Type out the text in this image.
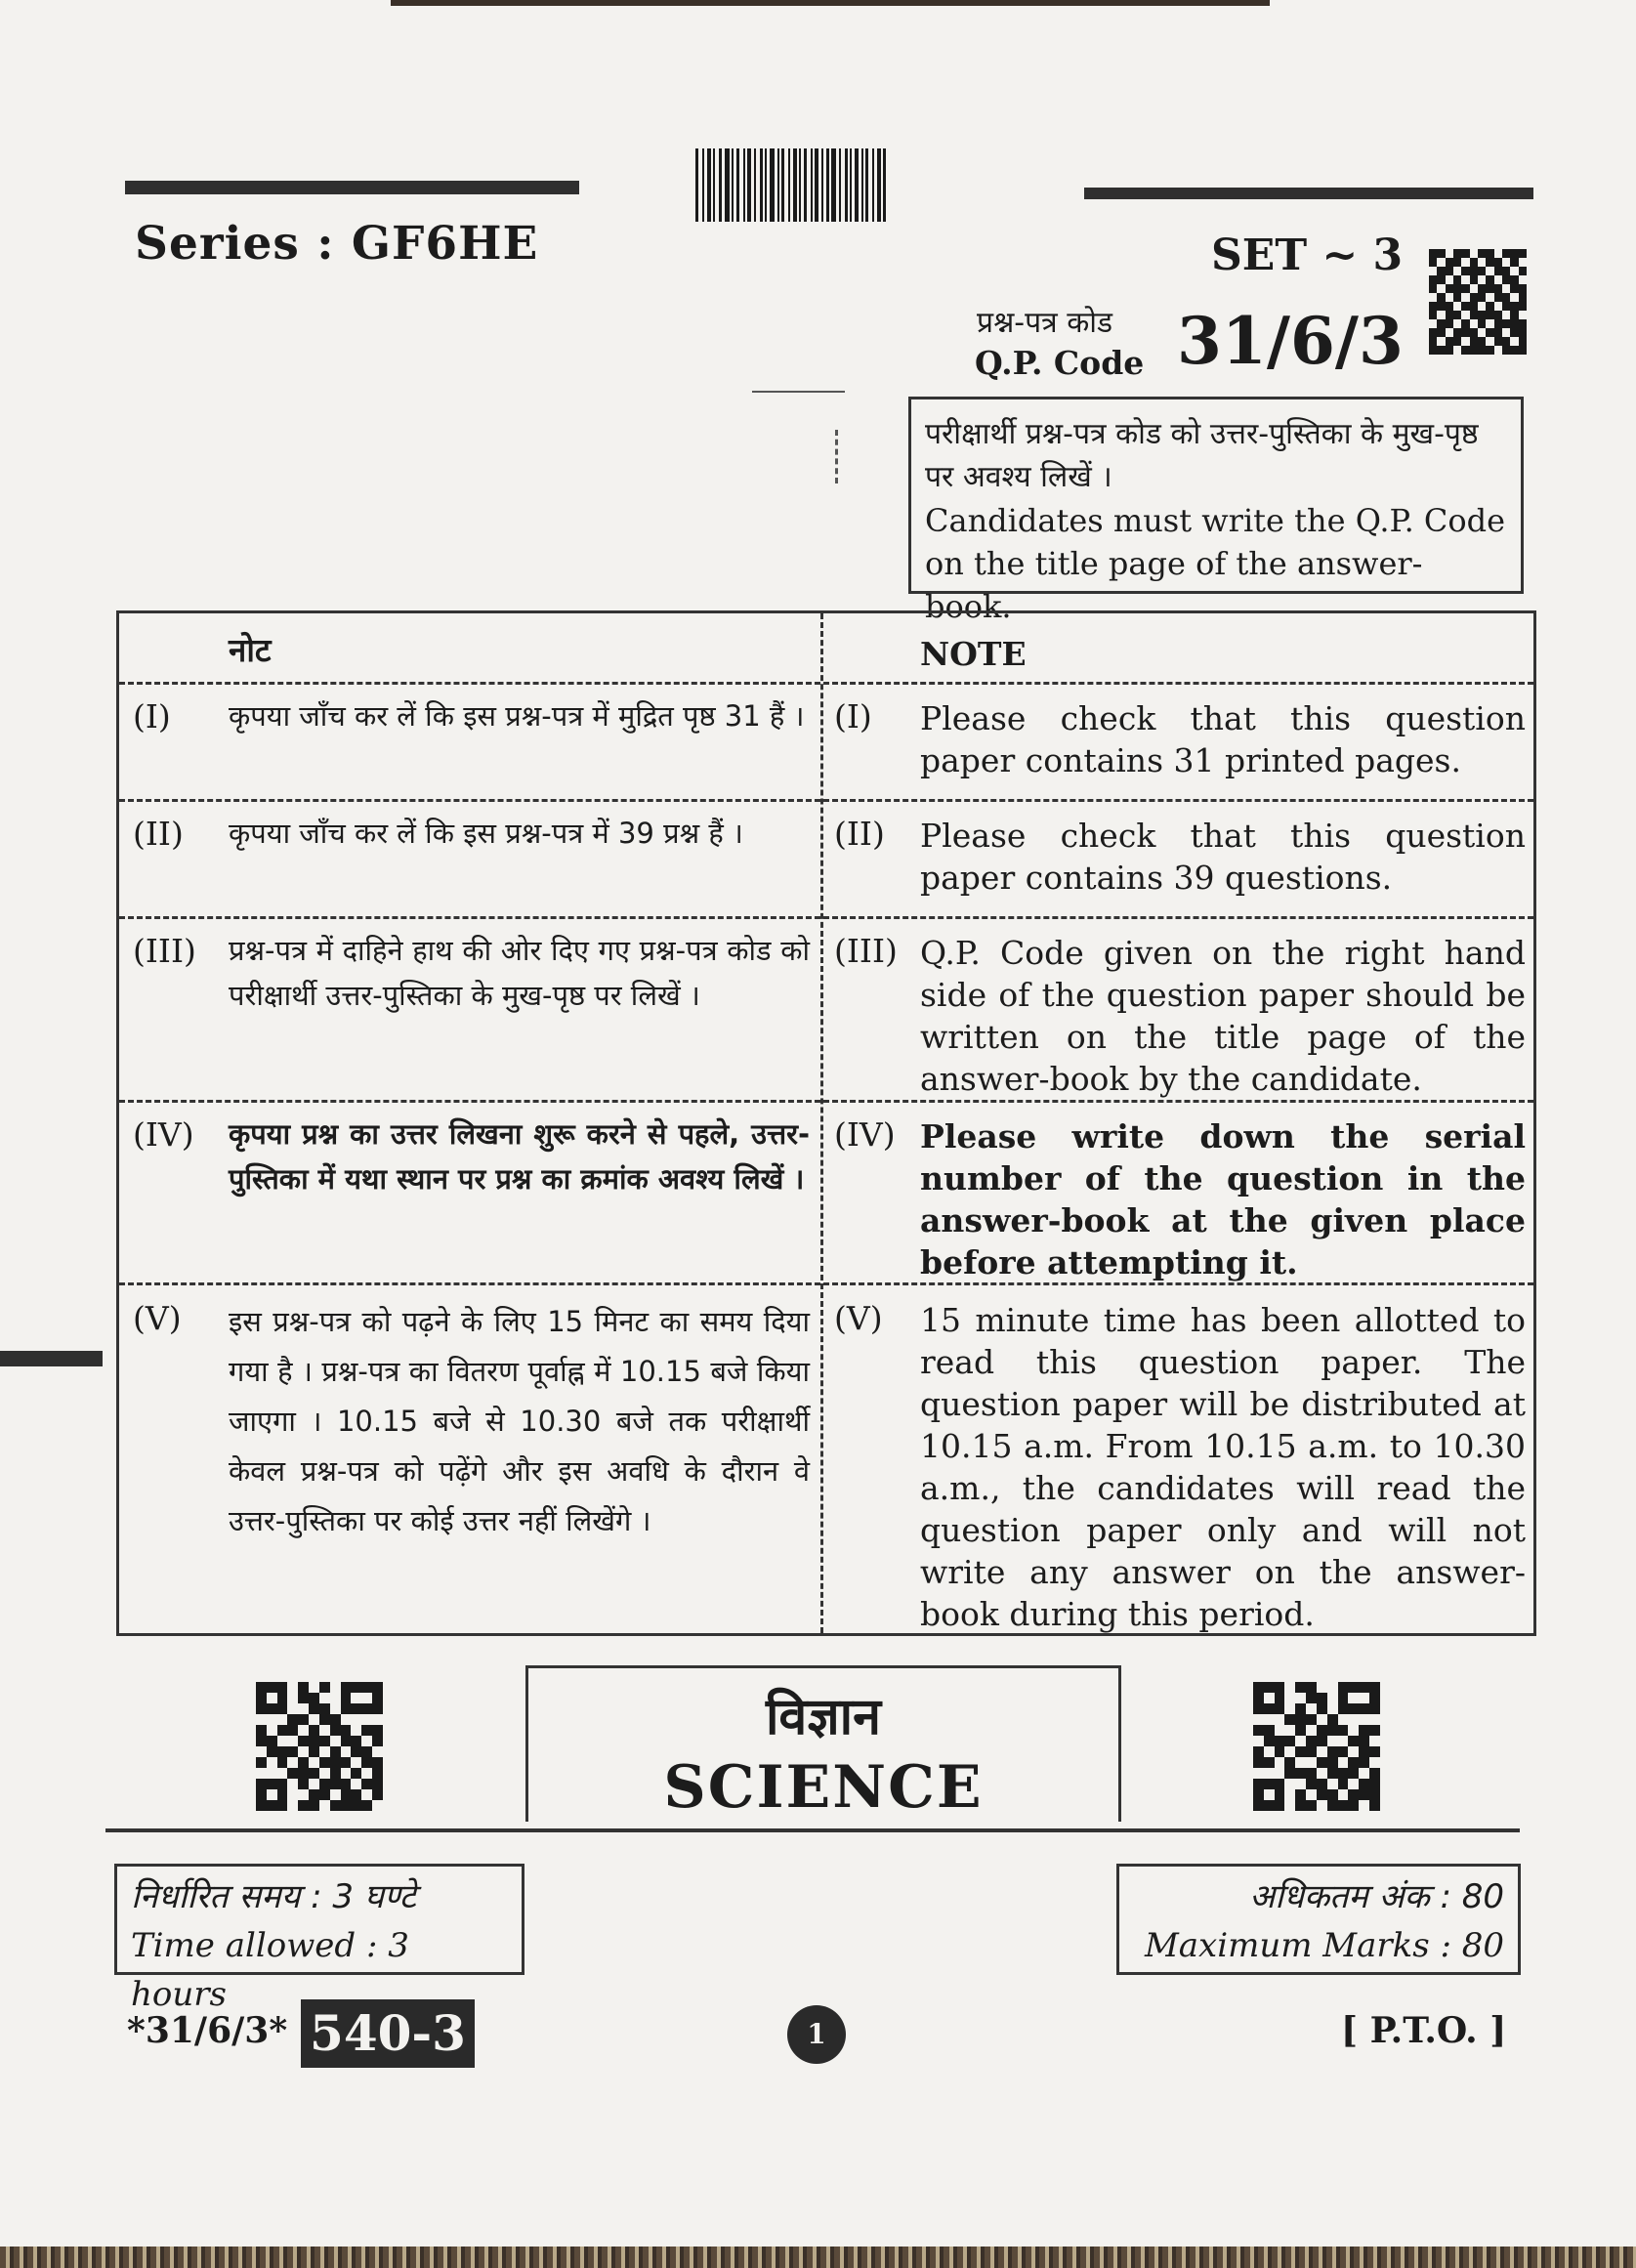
Series : GF6HE	SET ~ 3
प्रश्न-पत्र कोड
Q.P. Code 31/6/3
परीक्षार्थी प्रश्न-पत्र कोड को उत्तर-पुस्तिका के मुख-पृष्ठ पर अवश्य लिखें ।
Candidates must write the Q.P. Code on the title page of the answer-book.
नोट	NOTE
(I) कृपया जाँच कर लें कि इस प्रश्न-पत्र में मुद्रित पृष्ठ 31 हैं । (I) Please check that this question paper contains 31 printed pages.
(II) कृपया जाँच कर लें कि इस प्रश्न-पत्र में 39 प्रश्न हैं ।	(II) Please check that this question paper contains 39 questions.
(III) प्रश्न-पत्र में दाहिने हाथ की ओर दिए गए प्रश्न-पत्र कोड को परीक्षार्थी उत्तर-पुस्तिका के मुख-पृष्ठ पर लिखें ।
(III) Q.P. Code given on the right hand side of the question paper should be written on the title page of the answer-book by the candidate.
(IV) कृपया प्रश्न का उत्तर लिखना शुरू करने से पहले, उत्तर-पुस्तिका में यथा स्थान पर प्रश्न का क्रमांक अवश्य लिखें ।
(IV) Please write down the serial number of the question in the answer-book at the given place before attempting it.
(V) इस प्रश्न-पत्र को पढ़ने के लिए 15 मिनट का समय दिया गया है । प्रश्न-पत्र का वितरण पूर्वाह्न में 10.15 बजे किया जाएगा । 10.15 बजे से 10.30 बजे तक परीक्षार्थी केवल प्रश्न-पत्र को पढ़ेंगे और इस अवधि के दौरान वे उत्तर-पुस्तिका पर कोई उत्तर नहीं लिखेंगे ।
(V) 15 minute time has been allotted to read this question paper. The question paper will be distributed at 10.15 a.m. From 10.15 a.m. to 10.30 a.m., the candidates will read the question paper only and will not write any answer on the answer-book during this period.
विज्ञान
SCIENCE
निर्धारित समय : 3 घण्टे
Time allowed : 3 hours
अधिकतम अंक : 80
Maximum Marks : 80
*31/6/3* 540-3	1	[ P.T.O. ]
